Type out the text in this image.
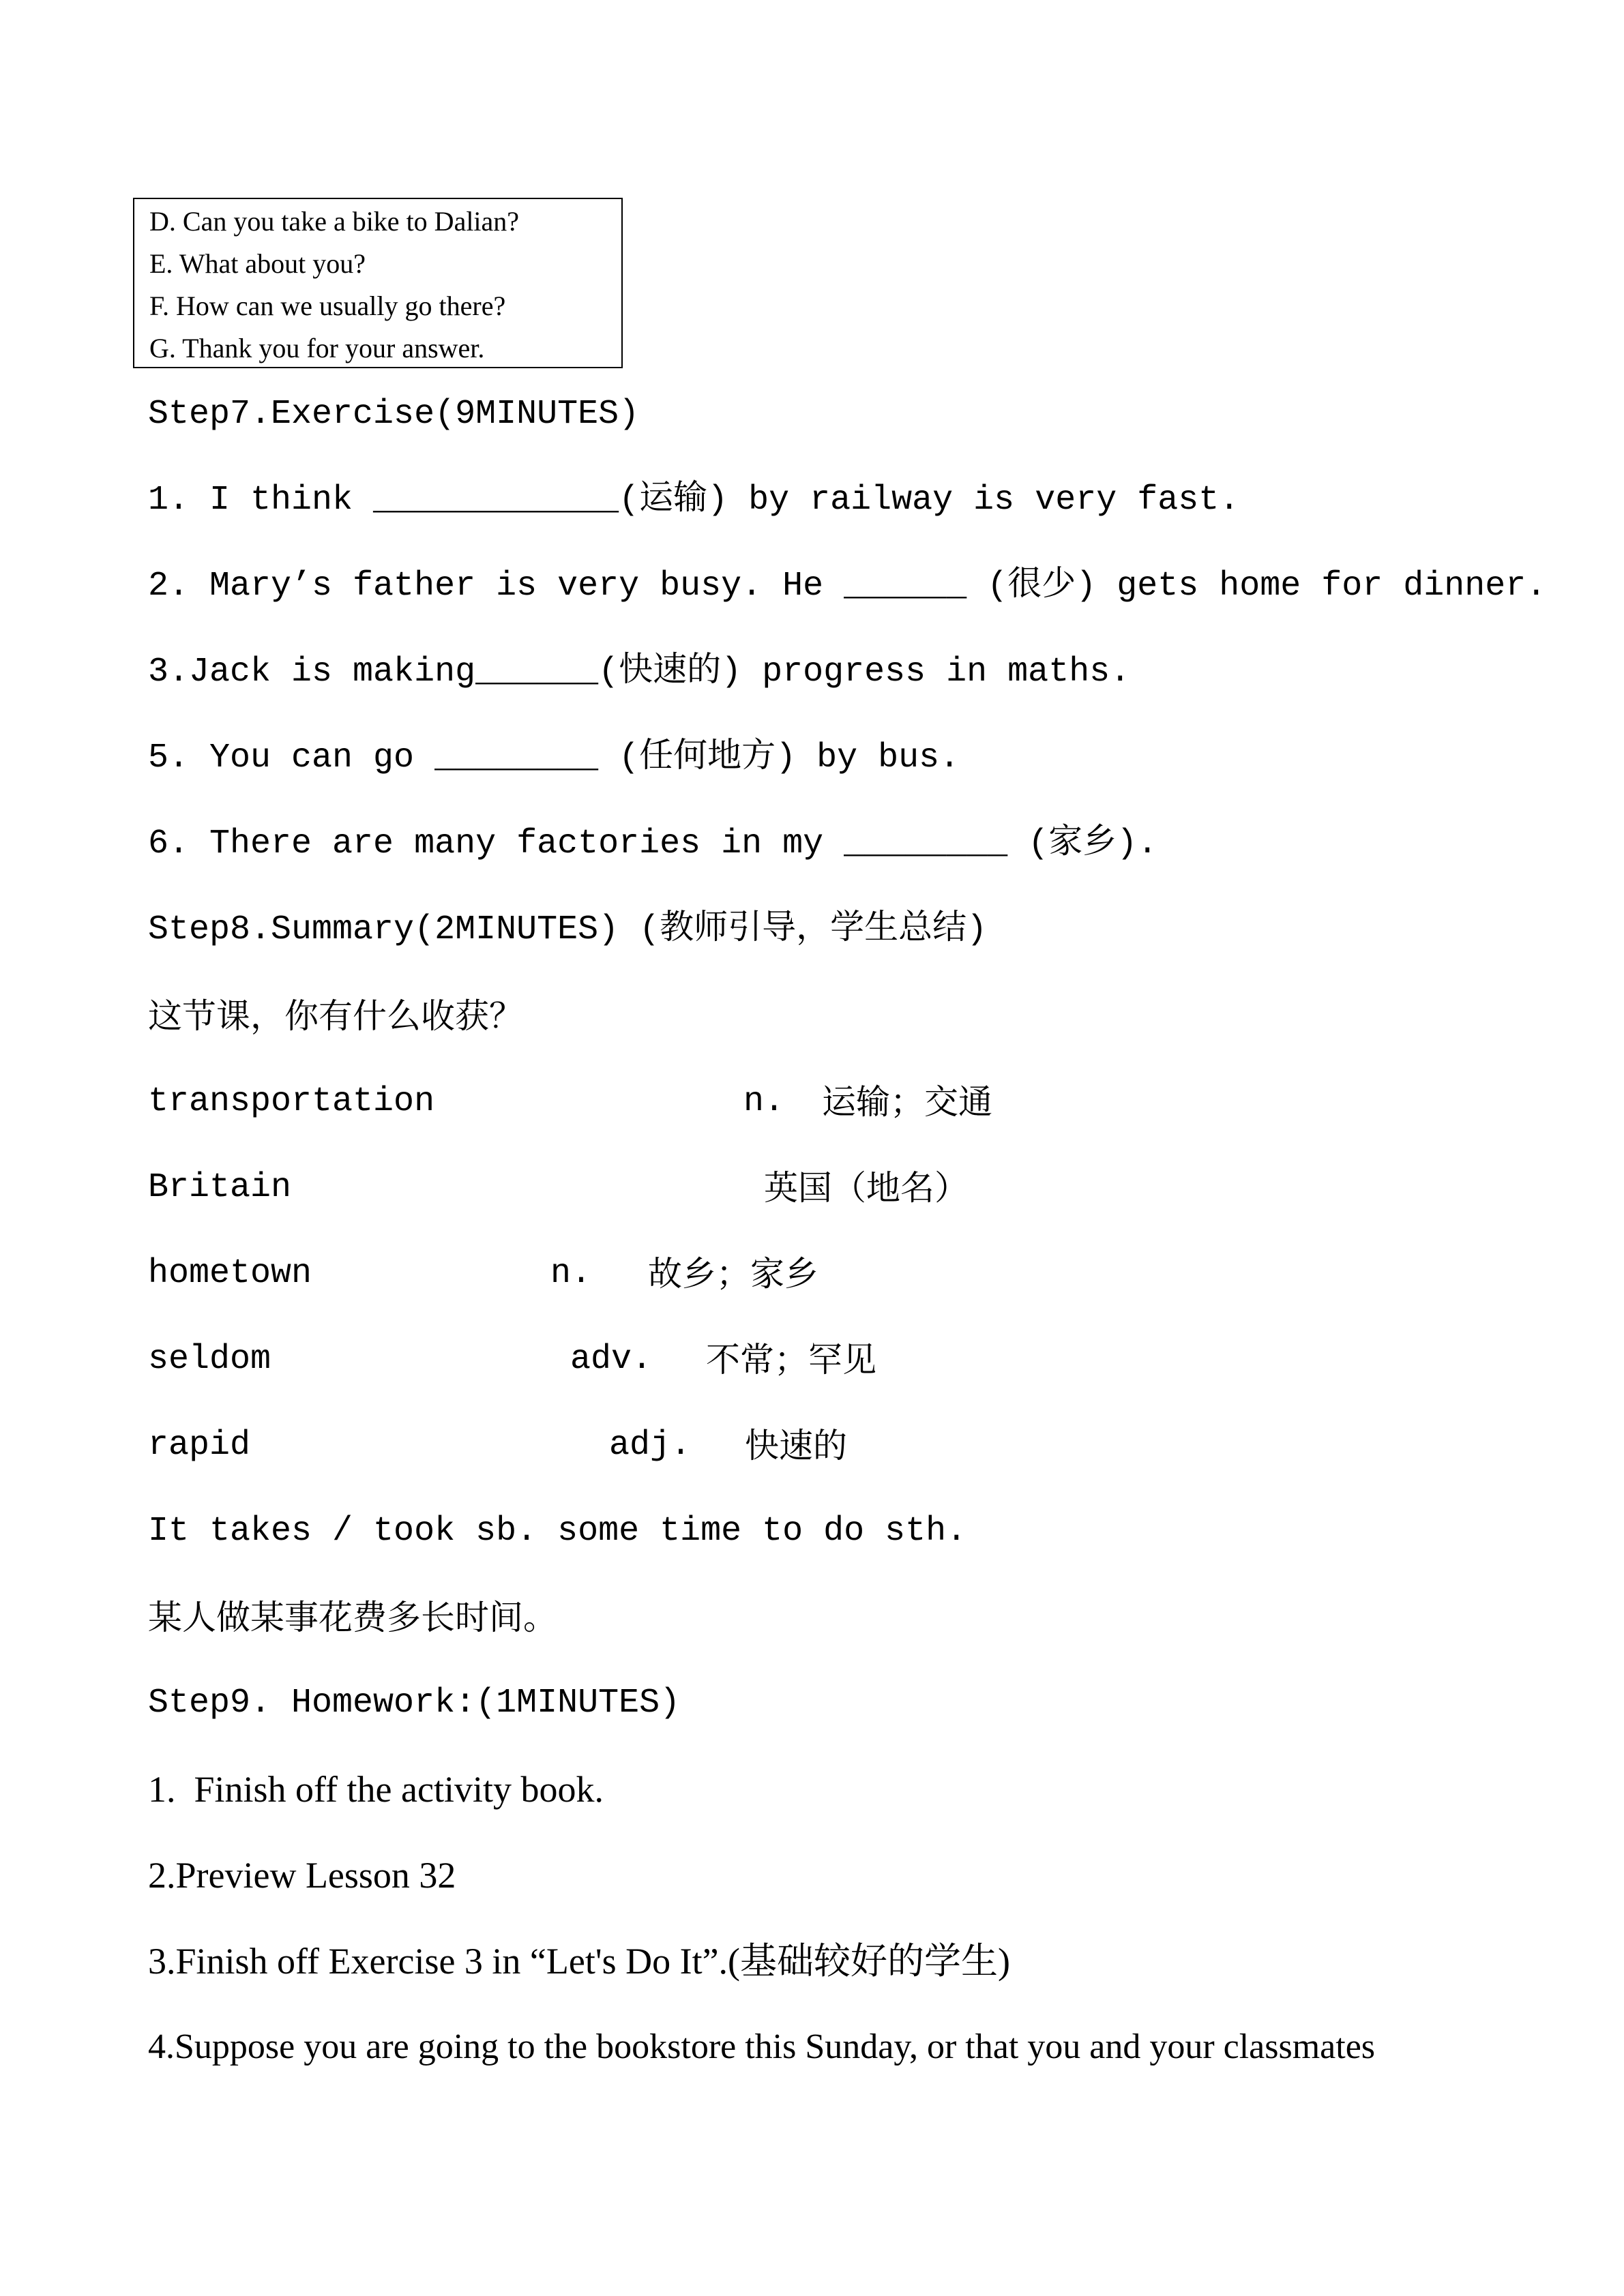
D. Can you take a bike to Dalian?
E. What about you?
F. How can we usually go there?
G. Thank you for your answer.
Step7.Exercise(9MINUTES)
1. I think ____________(运输) by railway is very fast.
2. Mary’s father is very busy. He ______ (很少) gets home for dinner.
3.Jack is making______(快速的) progress in maths.
5. You can go ________ (任何地方) by bus.
6. There are many factories in my ________ (家乡).
Step8.Summary(2MINUTES) (教师引导，学生总结)
这节课，你有什么收获？
transportation	n. 运输；交通
Britain	英国（地名）
hometown	n. 故乡；家乡
seldom	adv. 不常；罕见
rapid	adj. 快速的
It takes / took sb. some time to do sth.
某人做某事花费多长时间。
Step9. Homework:(1MINUTES)
1.  Finish off the activity book.
2.Preview Lesson 32
3.Finish off Exercise 3 in “Let's Do It”.(基础较好的学生)
4.Suppose you are going to the bookstore this Sunday, or that you and your classmates
